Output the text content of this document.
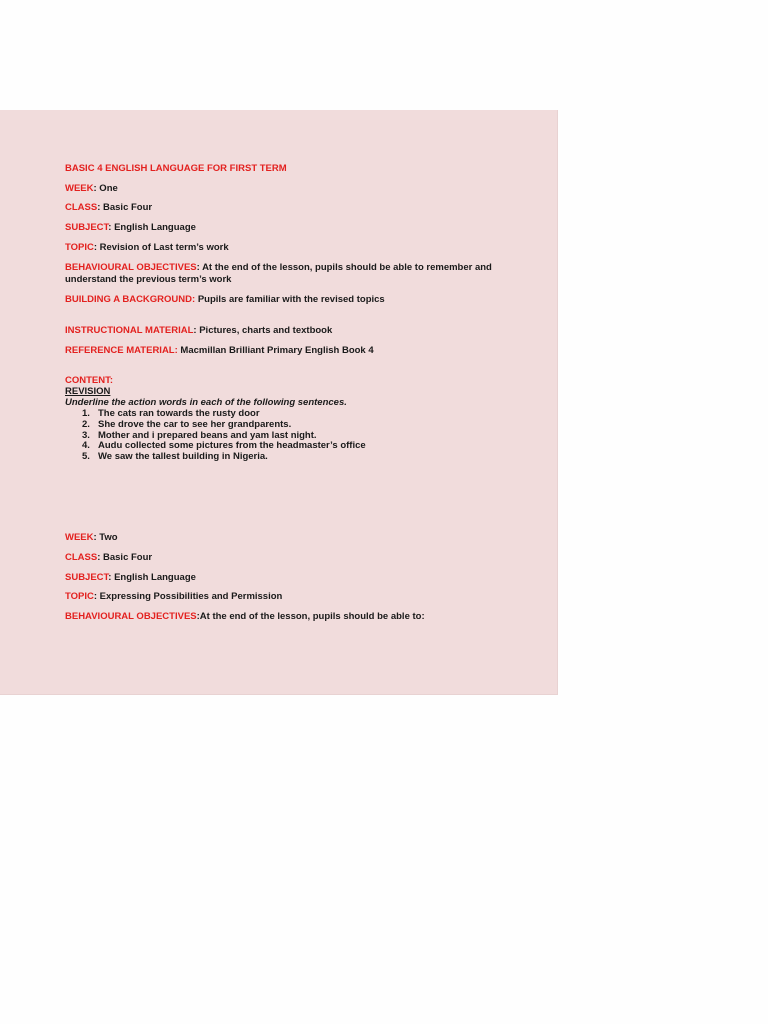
BASIC 4 ENGLISH LANGUAGE FOR FIRST TERM
WEEK: One
CLASS: Basic Four
SUBJECT: English Language
TOPIC: Revision of Last term’s work
BEHAVIOURAL OBJECTIVES: At the end of the lesson, pupils should be able to remember and
understand the previous term’s work
BUILDING A BACKGROUND: Pupils are familiar with the revised topics
INSTRUCTIONAL MATERIAL: Pictures, charts and textbook
REFERENCE MATERIAL: Macmillan Brilliant Primary English Book 4
CONTENT:
REVISION
Underline the action words in each of the following sentences.
1. The cats ran towards the rusty door
2. She drove the car to see her grandparents.
3. Mother and i prepared beans and yam last night.
4. Audu collected some pictures from the headmaster’s office
5. We saw the tallest building in Nigeria.
WEEK: Two
CLASS: Basic Four
SUBJECT: English Language
TOPIC: Expressing Possibilities and Permission
BEHAVIOURAL OBJECTIVES:At the end of the lesson, pupils should be able to:
